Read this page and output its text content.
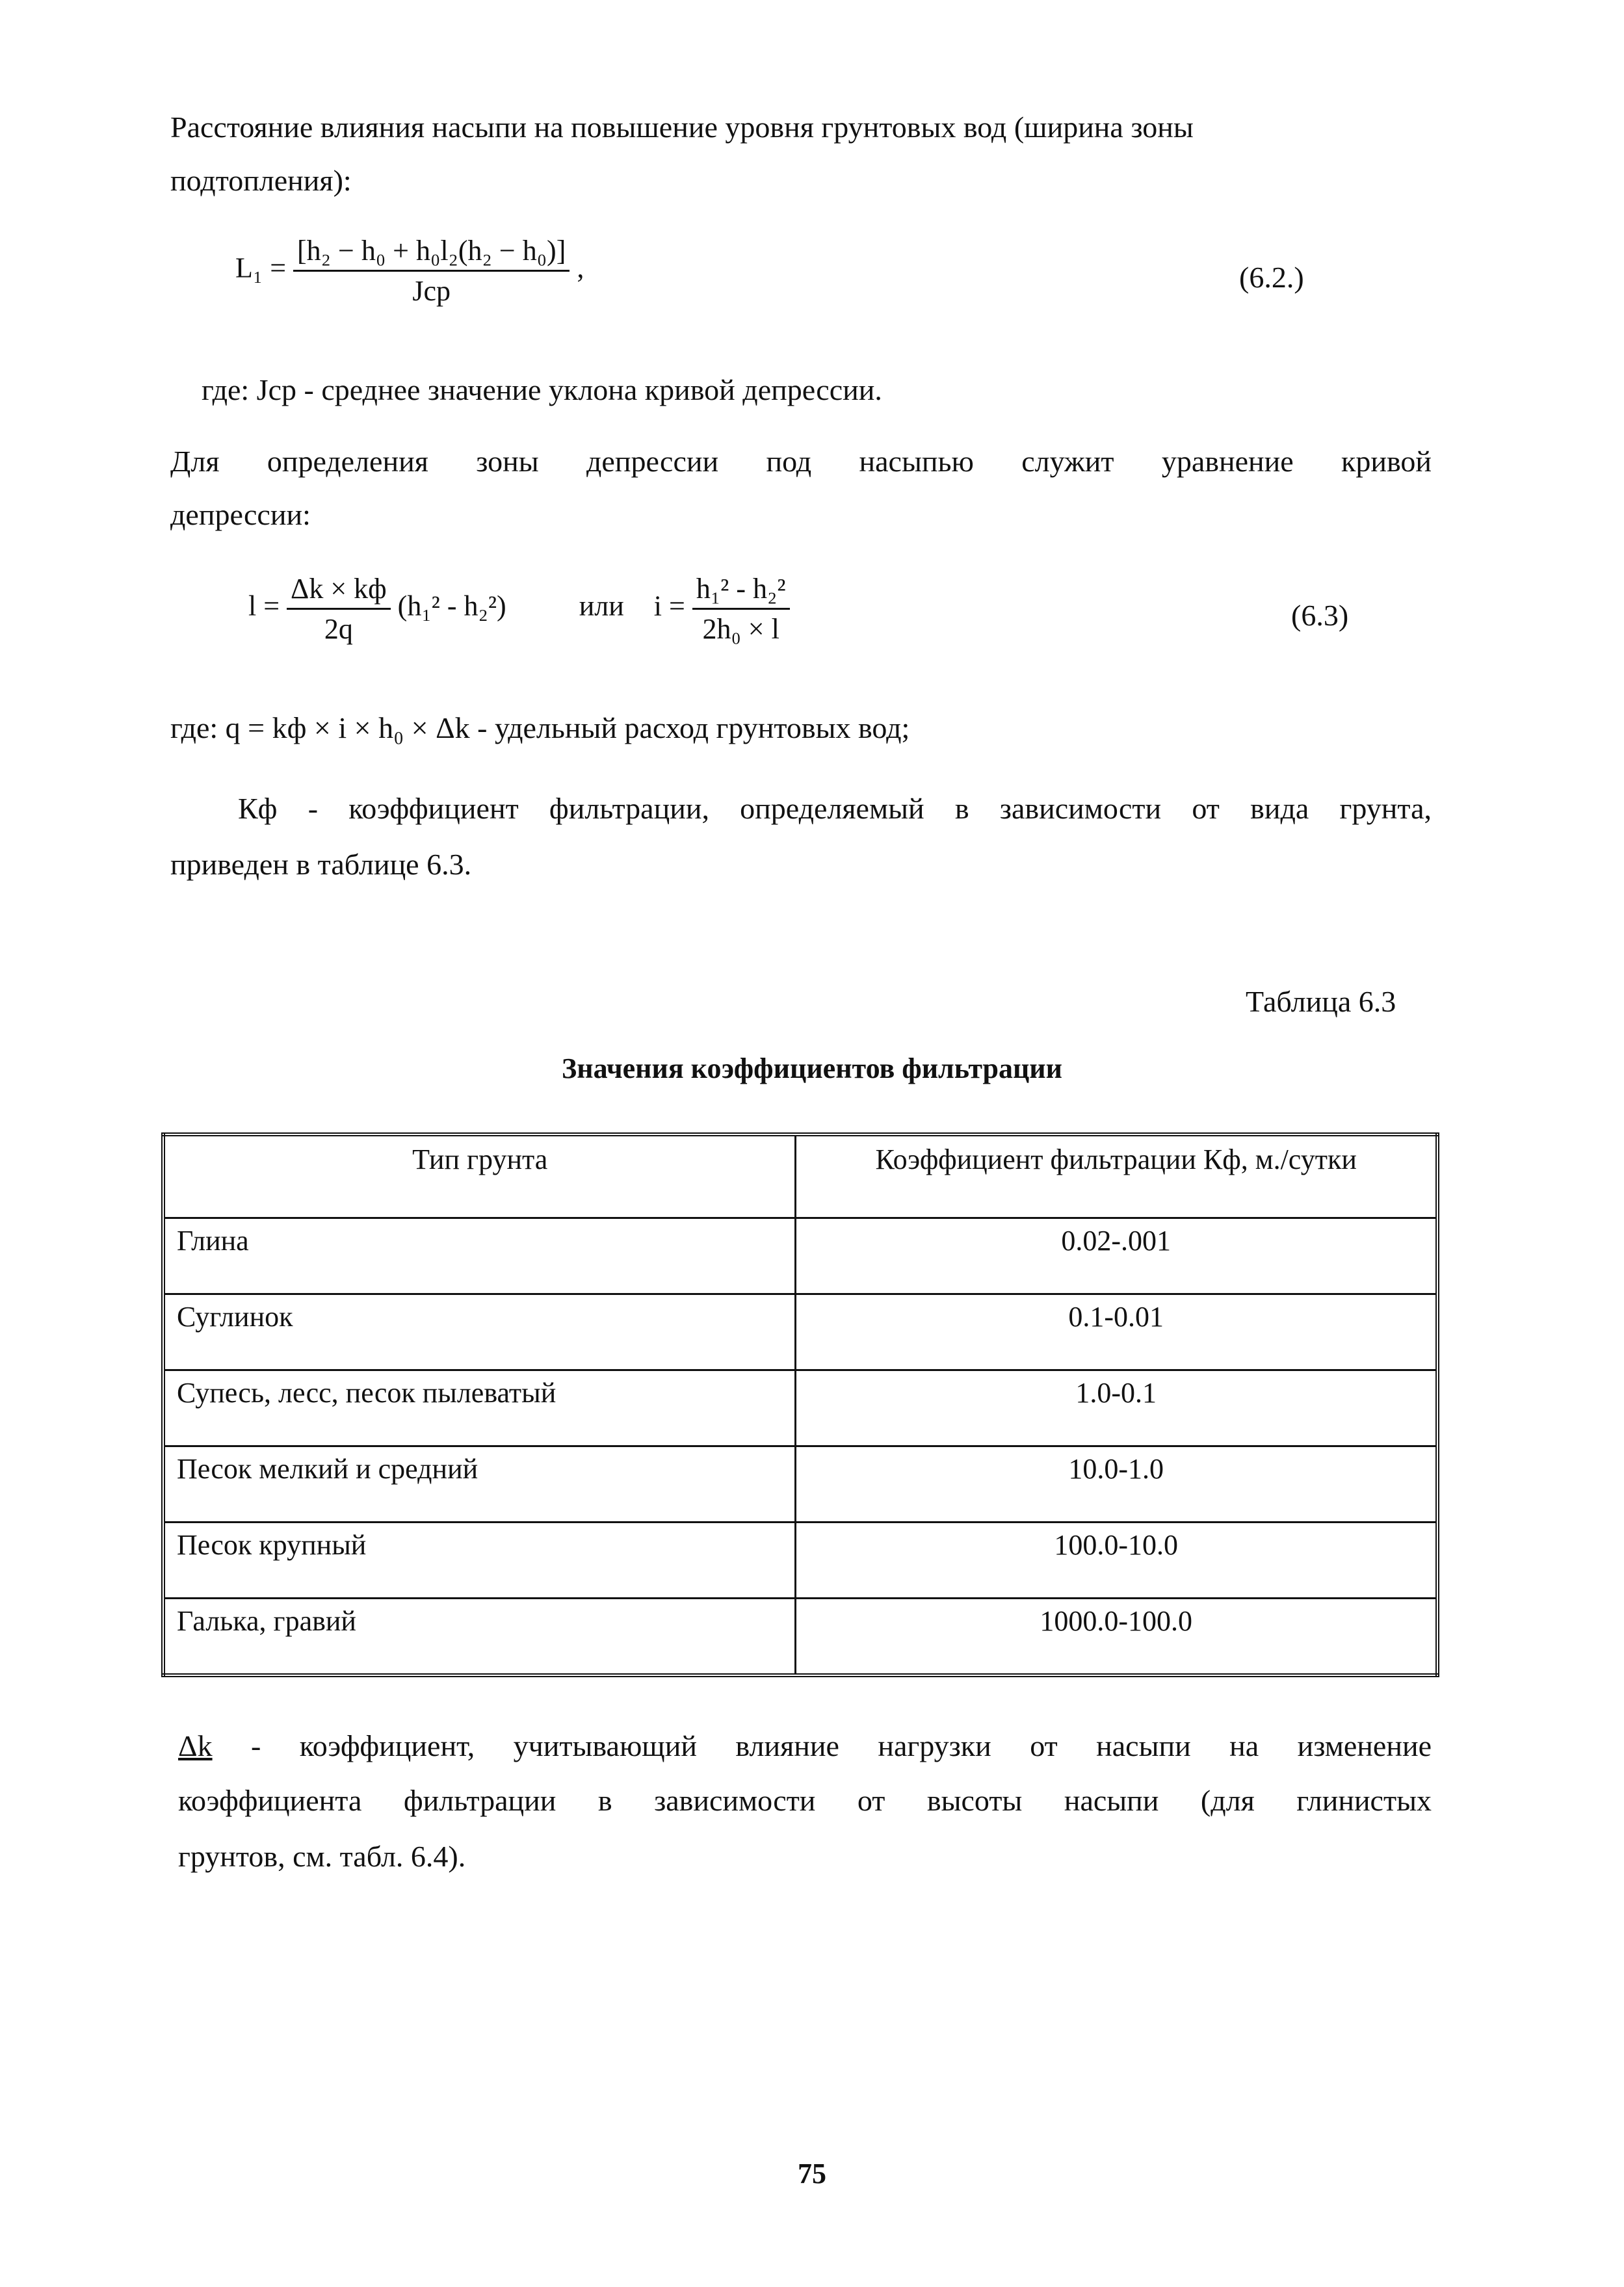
Расстояние влияния насыпи на повышение уровня грунтовых вод (ширина зоны
подтопления):
$L_1 = \frac{\text{[h₂ − h₀ + h₀l₂(h₂ − h₀)]}}{\text{Jср}}$ ,	(6.2.)
где: Jср - среднее значение уклона кривой депрессии.
Для определения зоны депрессии под насыпью служит уравнение кривой
депрессии:
$l = \frac{\Delta k \times kф}{2q} (h_1^2 - h_2^2)$	или $i = \frac{\text{h₁² - h₂²}}{\text{2h₀ × l}}$	(6.3)
где: q = kф × i × h₀ × Δk - удельный расход грунтовых вод;
Кф - коэффициент фильтрации, определяемый в зависимости от вида грунта,
приведен в таблице 6.3.
Таблица 6.3
Значения коэффициентов фильтрации
Тип грунта	Коэффициент фильтрации Кф, м./сутки
Глина	0.02-.001
Суглинок	0.1-0.01
Супесь, лесс, песок пылеватый	1.0-0.1
Песок мелкий и средний	10.0-1.0
Песок крупный	100.0-10.0
Галька, гравий	1000.0-100.0
Δk - коэффициент, учитывающий влияние нагрузки от насыпи на изменение
коэффициента фильтрации в зависимости от высоты насыпи (для глинистых
грунтов, см. табл. 6.4).
75
